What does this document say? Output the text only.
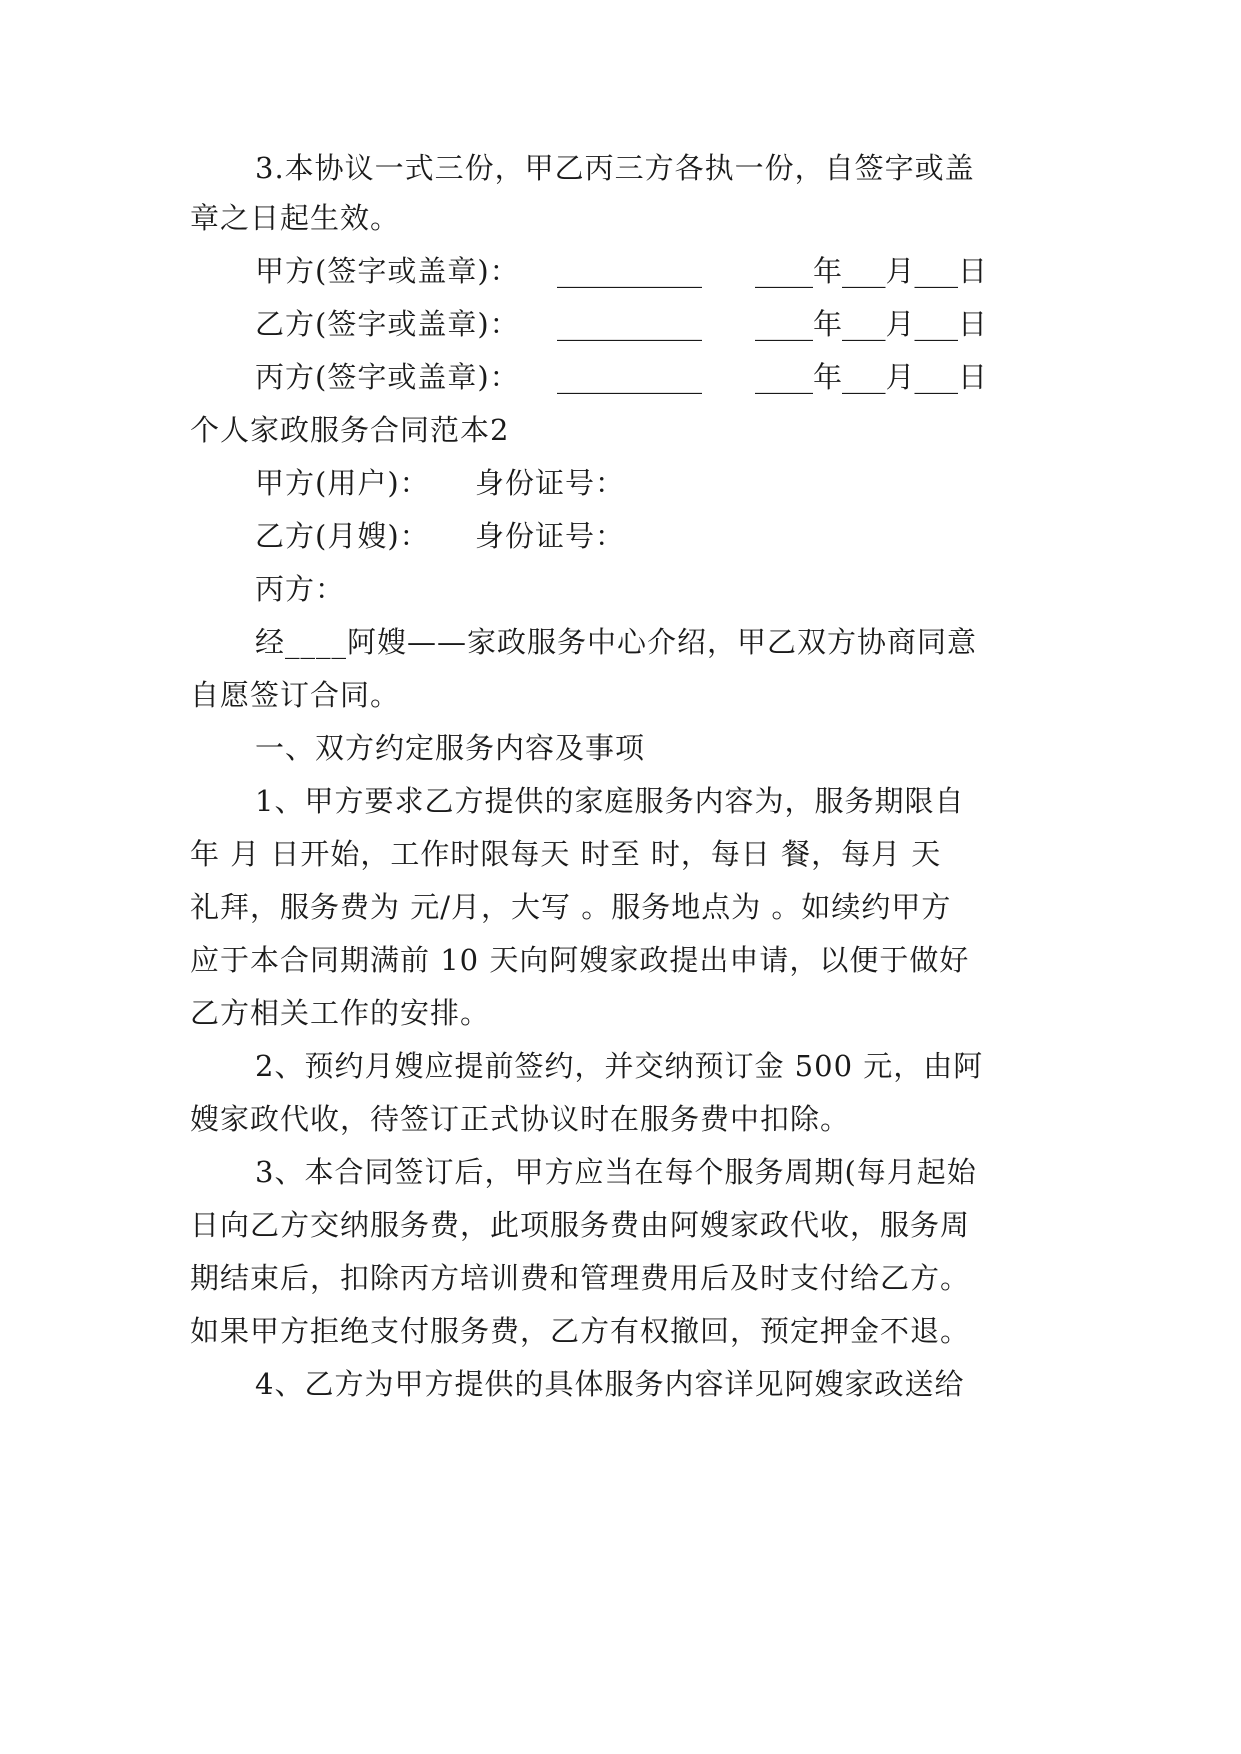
3.本协议一式三份，甲乙丙三方各执一份，自签字或盖
章之日起生效。
甲方(签字或盖章)： __________ ____年___月___日
乙方(签字或盖章)： __________ ____年___月___日
丙方(签字或盖章)： __________ ____年___月___日
个人家政服务合同范本2
甲方(用户)： 身份证号：
乙方(月嫂)： 身份证号：
丙方：
经____阿嫂——家政服务中心介绍，甲乙双方协商同意
自愿签订合同。
一、双方约定服务内容及事项
1、甲方要求乙方提供的家庭服务内容为，服务期限自
年 月 日开始，工作时限每天 时至 时，每日 餐，每月 天
礼拜，服务费为 元/月，大写 。服务地点为 。如续约甲方
应于本合同期满前 10 天向阿嫂家政提出申请，以便于做好
乙方相关工作的安排。
2、预约月嫂应提前签约，并交纳预订金 500 元，由阿
嫂家政代收，待签订正式协议时在服务费中扣除。
3、本合同签订后，甲方应当在每个服务周期(每月起始
日向乙方交纳服务费，此项服务费由阿嫂家政代收，服务周
期结束后，扣除丙方培训费和管理费用后及时支付给乙方。
如果甲方拒绝支付服务费，乙方有权撤回，预定押金不退。
4、乙方为甲方提供的具体服务内容详见阿嫂家政送给
